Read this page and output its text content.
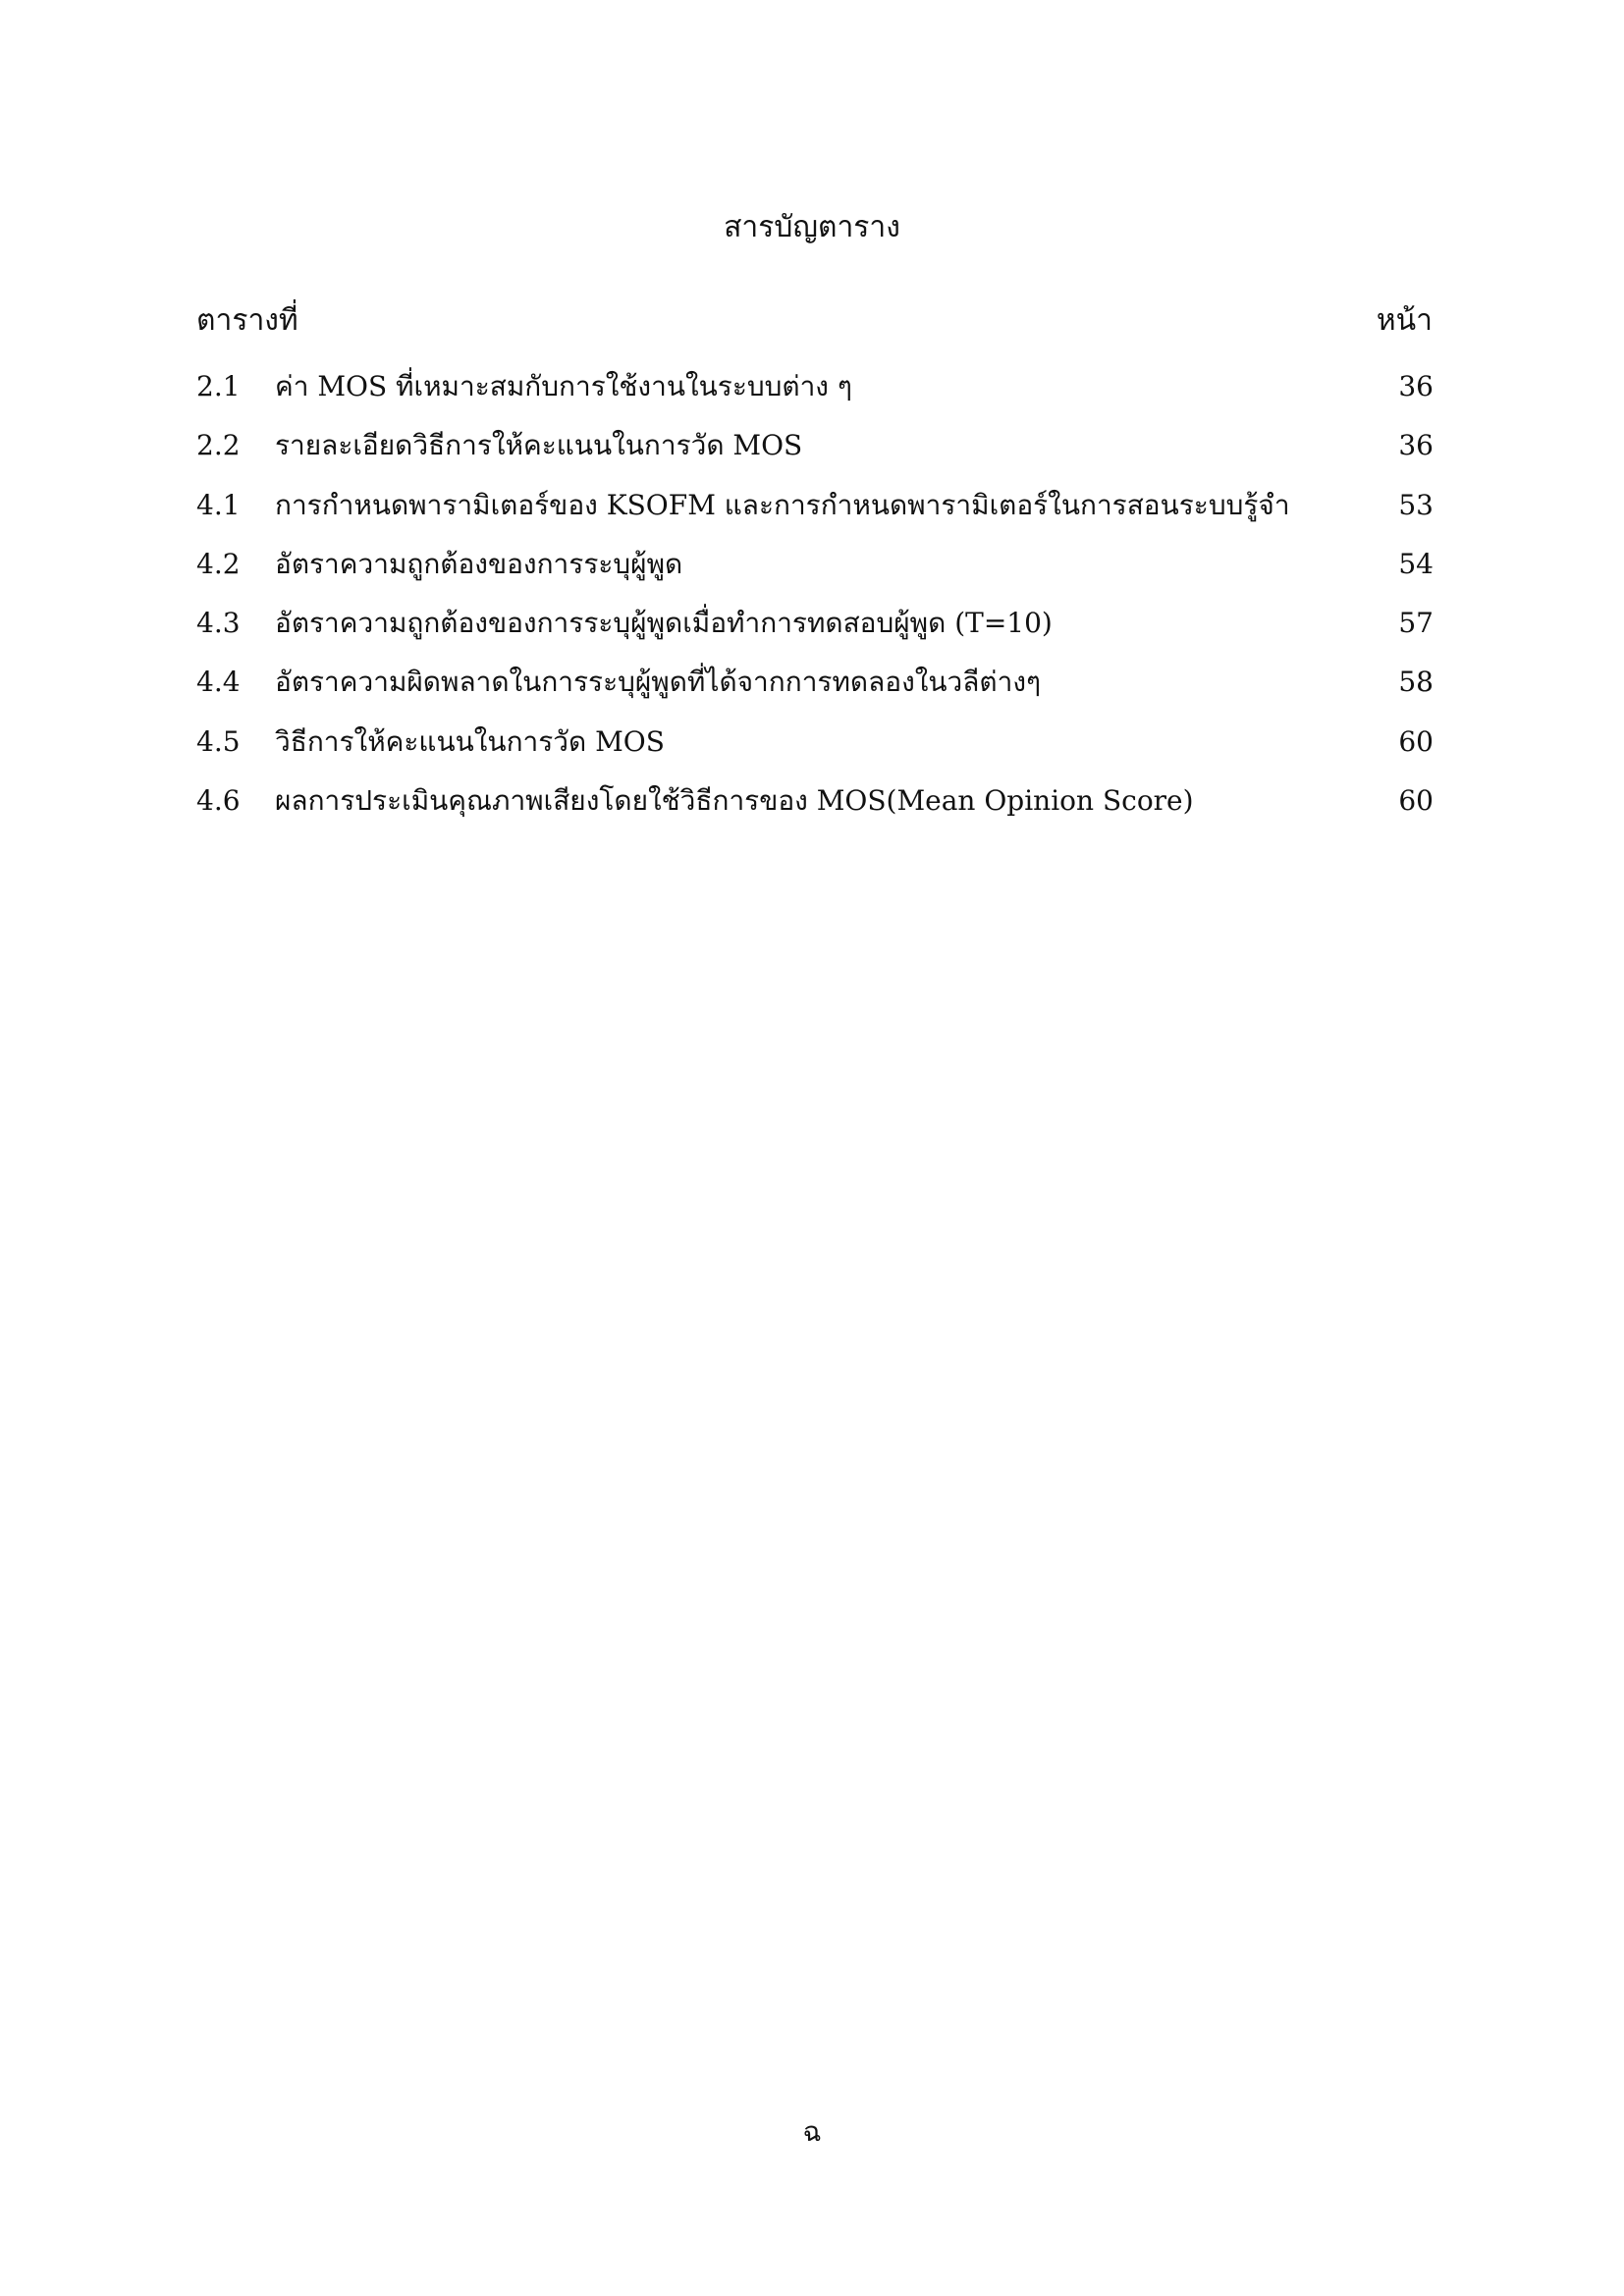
สารบัญตาราง
ตารางที่	หน้า
2.1	ค่า MOS ที่เหมาะสมกับการใช้งานในระบบต่าง ๆ	36
2.2	รายละเอียดวิธีการให้คะแนนในการวัด MOS	36
4.1	การกำหนดพารามิเตอร์ของ KSOFM และการกำหนดพารามิเตอร์ในการสอนระบบรู้จำ	53
4.2	อัตราความถูกต้องของการระบุผู้พูด	54
4.3	อัตราความถูกต้องของการระบุผู้พูดเมื่อทำการทดสอบผู้พูด (T=10)	57
4.4	อัตราความผิดพลาดในการระบุผู้พูดที่ได้จากการทดลองในวลีต่างๆ	58
4.5	วิธีการให้คะแนนในการวัด MOS	60
4.6	ผลการประเมินคุณภาพเสียงโดยใช้วิธีการของ MOS(Mean Opinion Score)	60
ฉ
